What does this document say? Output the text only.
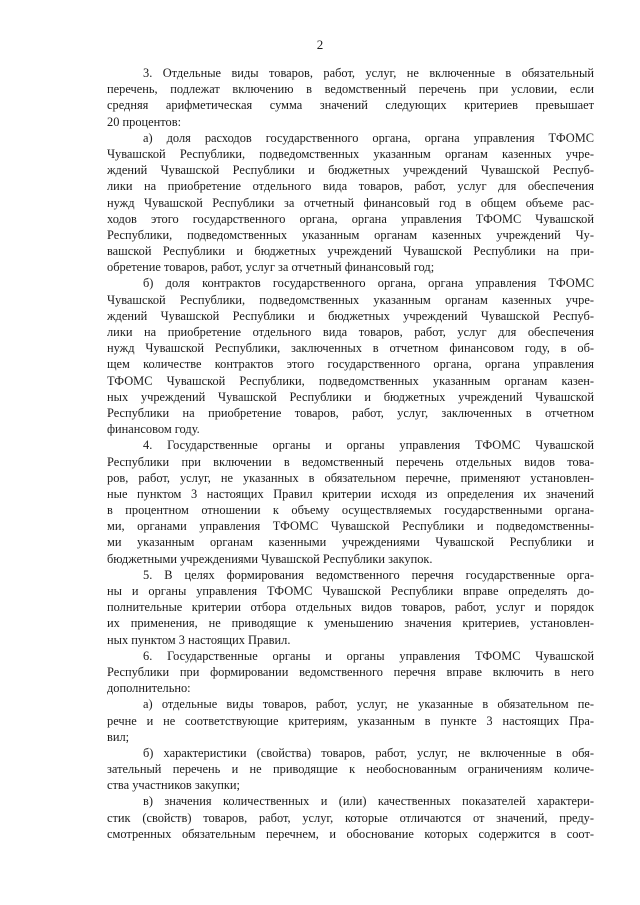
2
3. Отдельные виды товаров, работ, услуг, не включенные в обязательный
перечень, подлежат включению в ведомственный перечень при условии, если
средняя арифметическая сумма значений следующих критериев превышает
20 процентов:
а) доля расходов государственного органа, органа управления ТФОМС
Чувашской Республики, подведомственных указанным органам казенных учре-
ждений Чувашской Республики и бюджетных учреждений Чувашской Респуб-
лики на приобретение отдельного вида товаров, работ, услуг для обеспечения
нужд Чувашской Республики за отчетный финансовый год в общем объеме рас-
ходов этого государственного органа, органа управления ТФОМС Чувашской
Республики, подведомственных указанным органам казенных учреждений Чу-
вашской Республики и бюджетных учреждений Чувашской Республики на при-
обретение товаров, работ, услуг за отчетный финансовый год;
б) доля контрактов государственного органа, органа управления ТФОМС
Чувашской Республики, подведомственных указанным органам казенных учре-
ждений Чувашской Республики и бюджетных учреждений Чувашской Респуб-
лики на приобретение отдельного вида товаров, работ, услуг для обеспечения
нужд Чувашской Республики, заключенных в отчетном финансовом году, в об-
щем количестве контрактов этого государственного органа, органа управления
ТФОМС Чувашской Республики, подведомственных указанным органам казен-
ных учреждений Чувашской Республики и бюджетных учреждений Чувашской
Республики на приобретение товаров, работ, услуг, заключенных в отчетном
финансовом году.
4. Государственные органы и органы управления ТФОМС Чувашской
Республики при включении в ведомственный перечень отдельных видов това-
ров, работ, услуг, не указанных в обязательном перечне, применяют установлен-
ные пунктом 3 настоящих Правил критерии исходя из определения их значений
в процентном отношении к объему осуществляемых государственными органа-
ми, органами управления ТФОМС Чувашской Республики и подведомственны-
ми указанным органам казенными учреждениями Чувашской Республики и
бюджетными учреждениями Чувашской Республики закупок.
5. В целях формирования ведомственного перечня государственные орга-
ны и органы управления ТФОМС Чувашской Республики вправе определять до-
полнительные критерии отбора отдельных видов товаров, работ, услуг и порядок
их применения, не приводящие к уменьшению значения критериев, установлен-
ных пунктом 3 настоящих Правил.
6. Государственные органы и органы управления ТФОМС Чувашской
Республики при формировании ведомственного перечня вправе включить в него
дополнительно:
а) отдельные виды товаров, работ, услуг, не указанные в обязательном пе-
речне и не соответствующие критериям, указанным в пункте 3 настоящих Пра-
вил;
б) характеристики (свойства) товаров, работ, услуг, не включенные в обя-
зательный перечень и не приводящие к необоснованным ограничениям количе-
ства участников закупки;
в) значения количественных и (или) качественных показателей характери-
стик (свойств) товаров, работ, услуг, которые отличаются от значений, преду-
смотренных обязательным перечнем, и обоснование которых содержится в соот-
